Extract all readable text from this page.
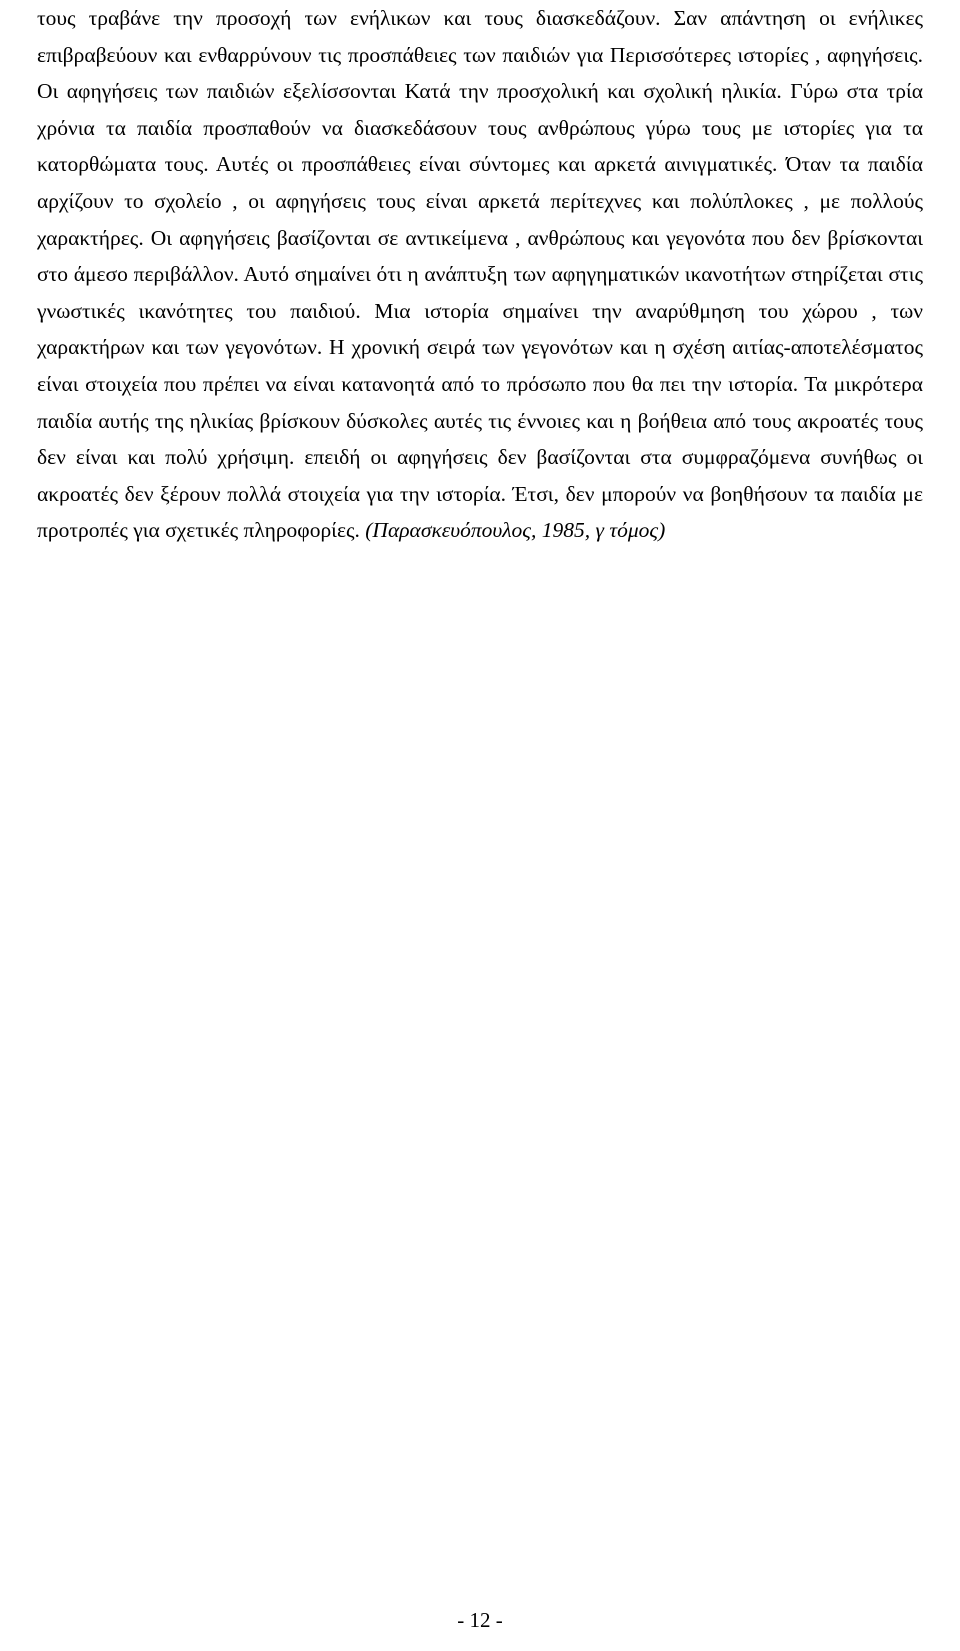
τους τραβάνε την προσοχή των ενήλικων και τους διασκεδάζουν. Σαν απάντηση οι ενήλικες επιβραβεύουν και ενθαρρύνουν τις προσπάθειες των παιδιών για Περισσότερες ιστορίες , αφηγήσεις. Οι αφηγήσεις των παιδιών εξελίσσονται Κατά την προσχολική και σχολική ηλικία. Γύρω στα τρία χρόνια τα παιδία προσπαθούν να διασκεδάσουν τους ανθρώπους γύρω τους με ιστορίες για τα κατορθώματα τους. Αυτές οι προσπάθειες είναι σύντομες και αρκετά αινιγματικές. Όταν τα παιδία αρχίζουν το σχολείο , οι αφηγήσεις τους είναι αρκετά περίτεχνες και πολύπλοκες , με πολλούς χαρακτήρες. Οι αφηγήσεις βασίζονται σε αντικείμενα , ανθρώπους και γεγονότα που δεν βρίσκονται στο άμεσο περιβάλλον. Αυτό σημαίνει ότι η ανάπτυξη των αφηγηματικών ικανοτήτων στηρίζεται στις γνωστικές ικανότητες του παιδιού. Μια ιστορία σημαίνει την αναρύθμηση του χώρου , των χαρακτήρων και των γεγονότων. Η χρονική σειρά των γεγονότων και η σχέση αιτίας-αποτελέσματος είναι στοιχεία που πρέπει να είναι κατανοητά από το πρόσωπο που θα πει την ιστορία. Τα μικρότερα παιδία αυτής της ηλικίας βρίσκουν δύσκολες αυτές τις έννοιες και η βοήθεια από τους ακροατές τους δεν είναι και πολύ χρήσιμη. επειδή οι αφηγήσεις δεν βασίζονται στα συμφραζόμενα συνήθως οι ακροατές δεν ξέρουν πολλά στοιχεία για την ιστορία. Έτσι, δεν μπορούν να βοηθήσουν τα παιδία με προτροπές για σχετικές πληροφορίες. (Παρασκευόπουλος, 1985, γ τόμος)

- 12 -
